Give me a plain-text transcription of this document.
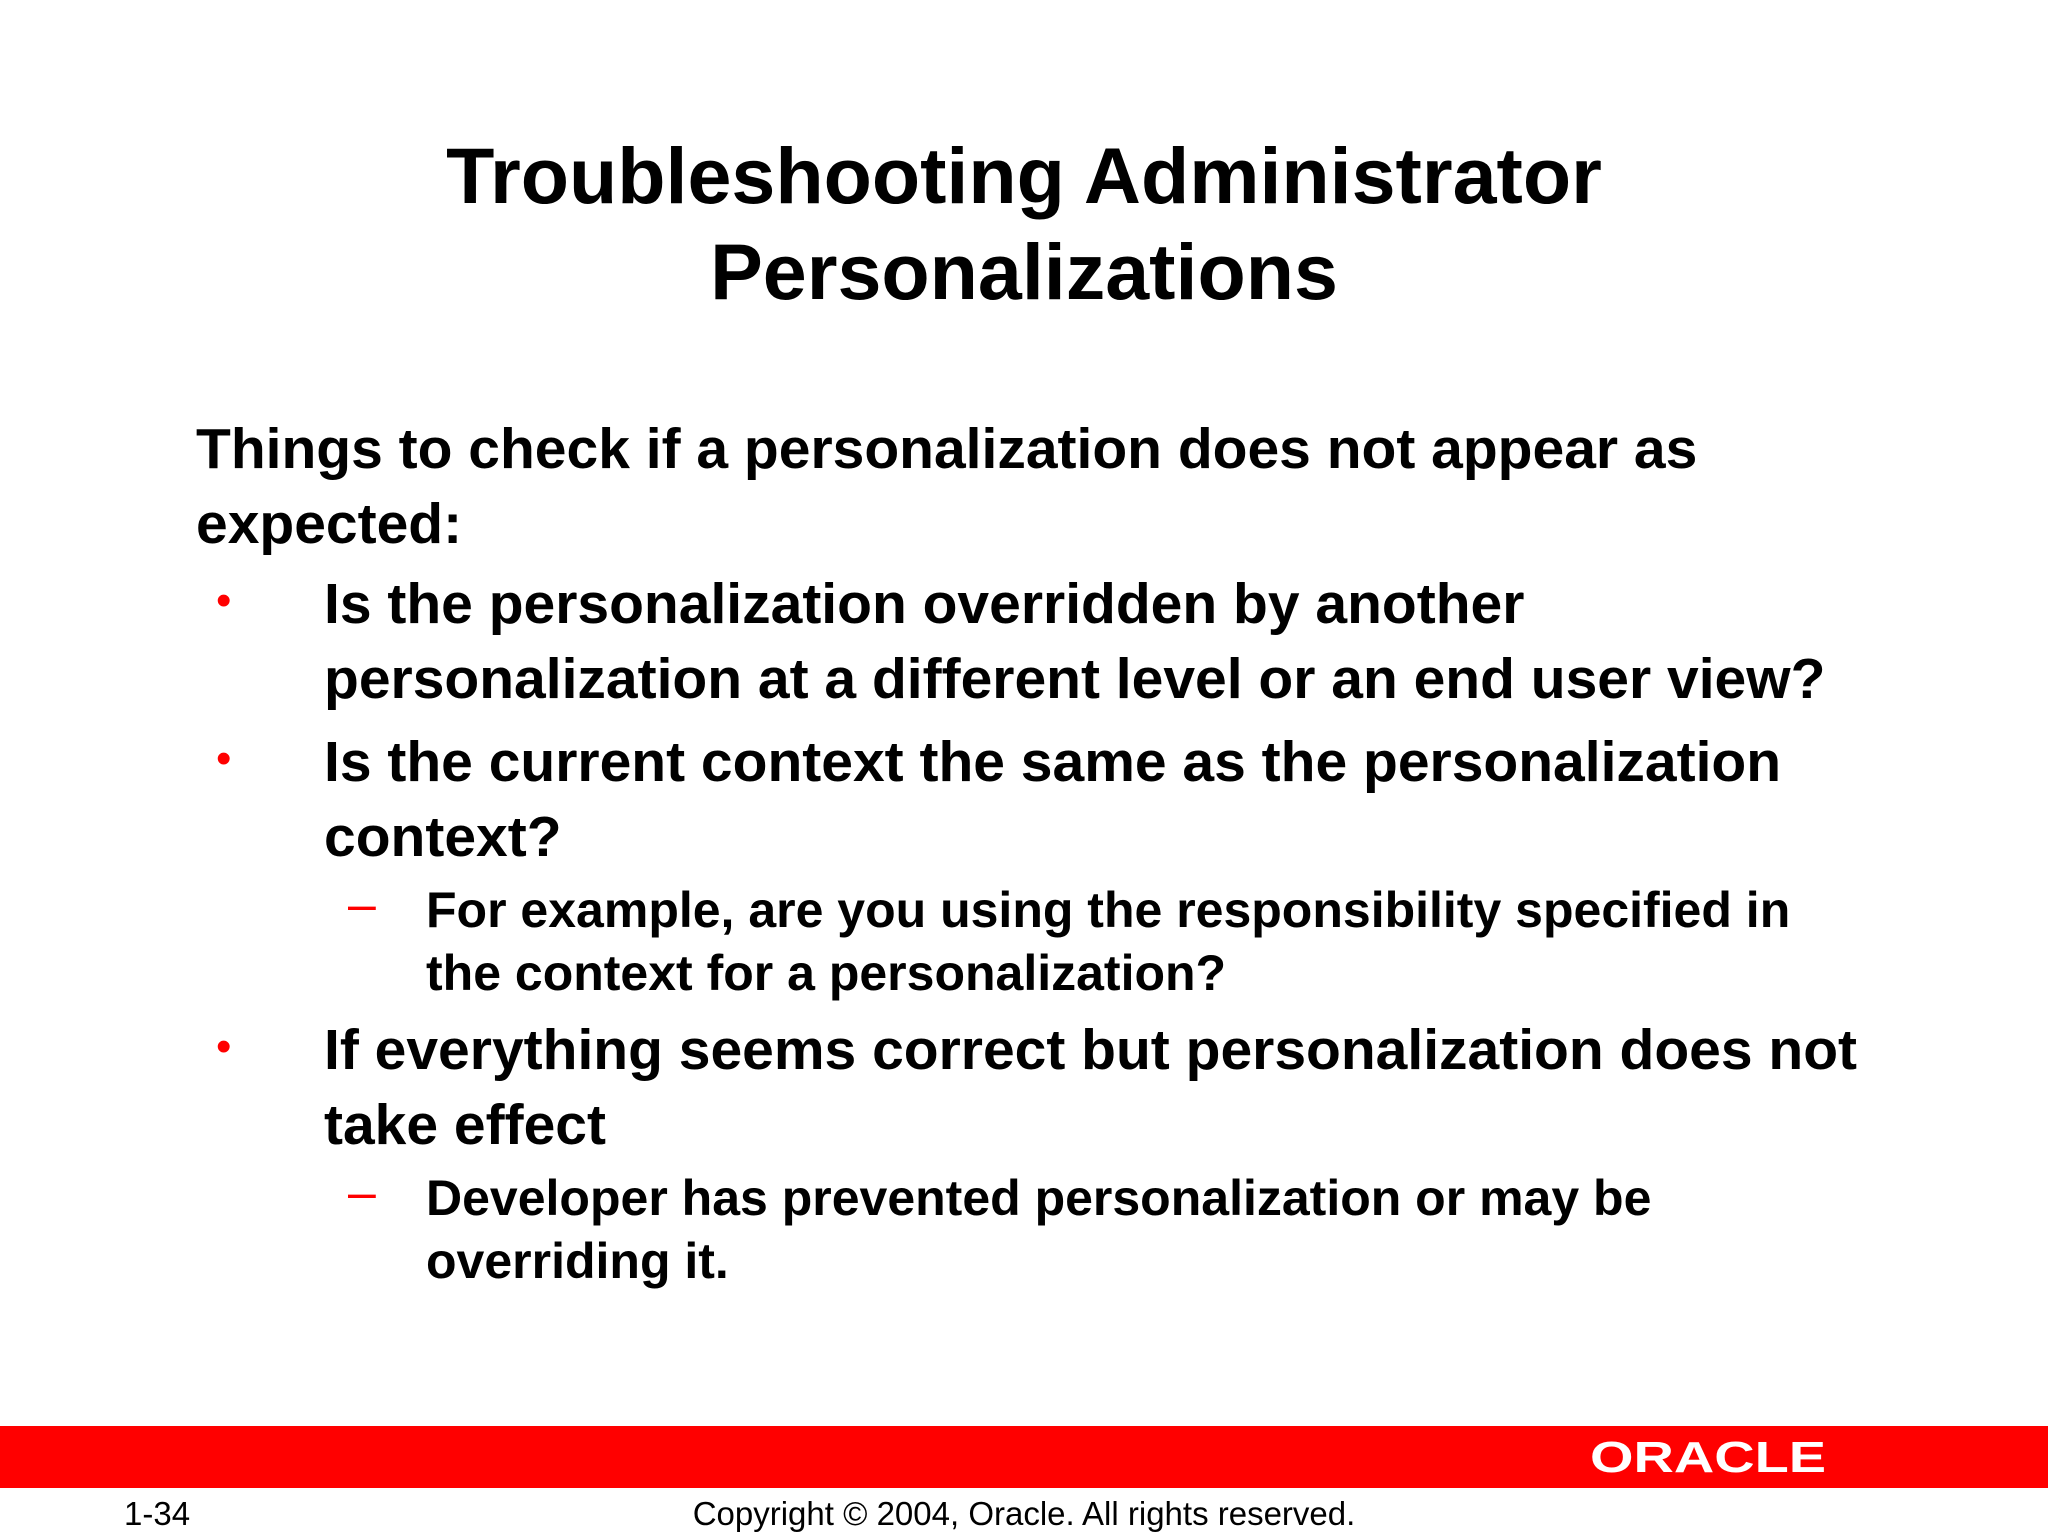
Troubleshooting Administrator
Personalizations

Things to check if a personalization does not appear as expected:

• Is the personalization overridden by another personalization at a different level or an end user view?
• Is the current context the same as the personalization context?
– For example, are you using the responsibility specified in the context for a personalization?
• If everything seems correct but personalization does not take effect
– Developer has prevented personalization or may be overriding it.
ORACLE
1-34	Copyright © 2004, Oracle. All rights reserved.
